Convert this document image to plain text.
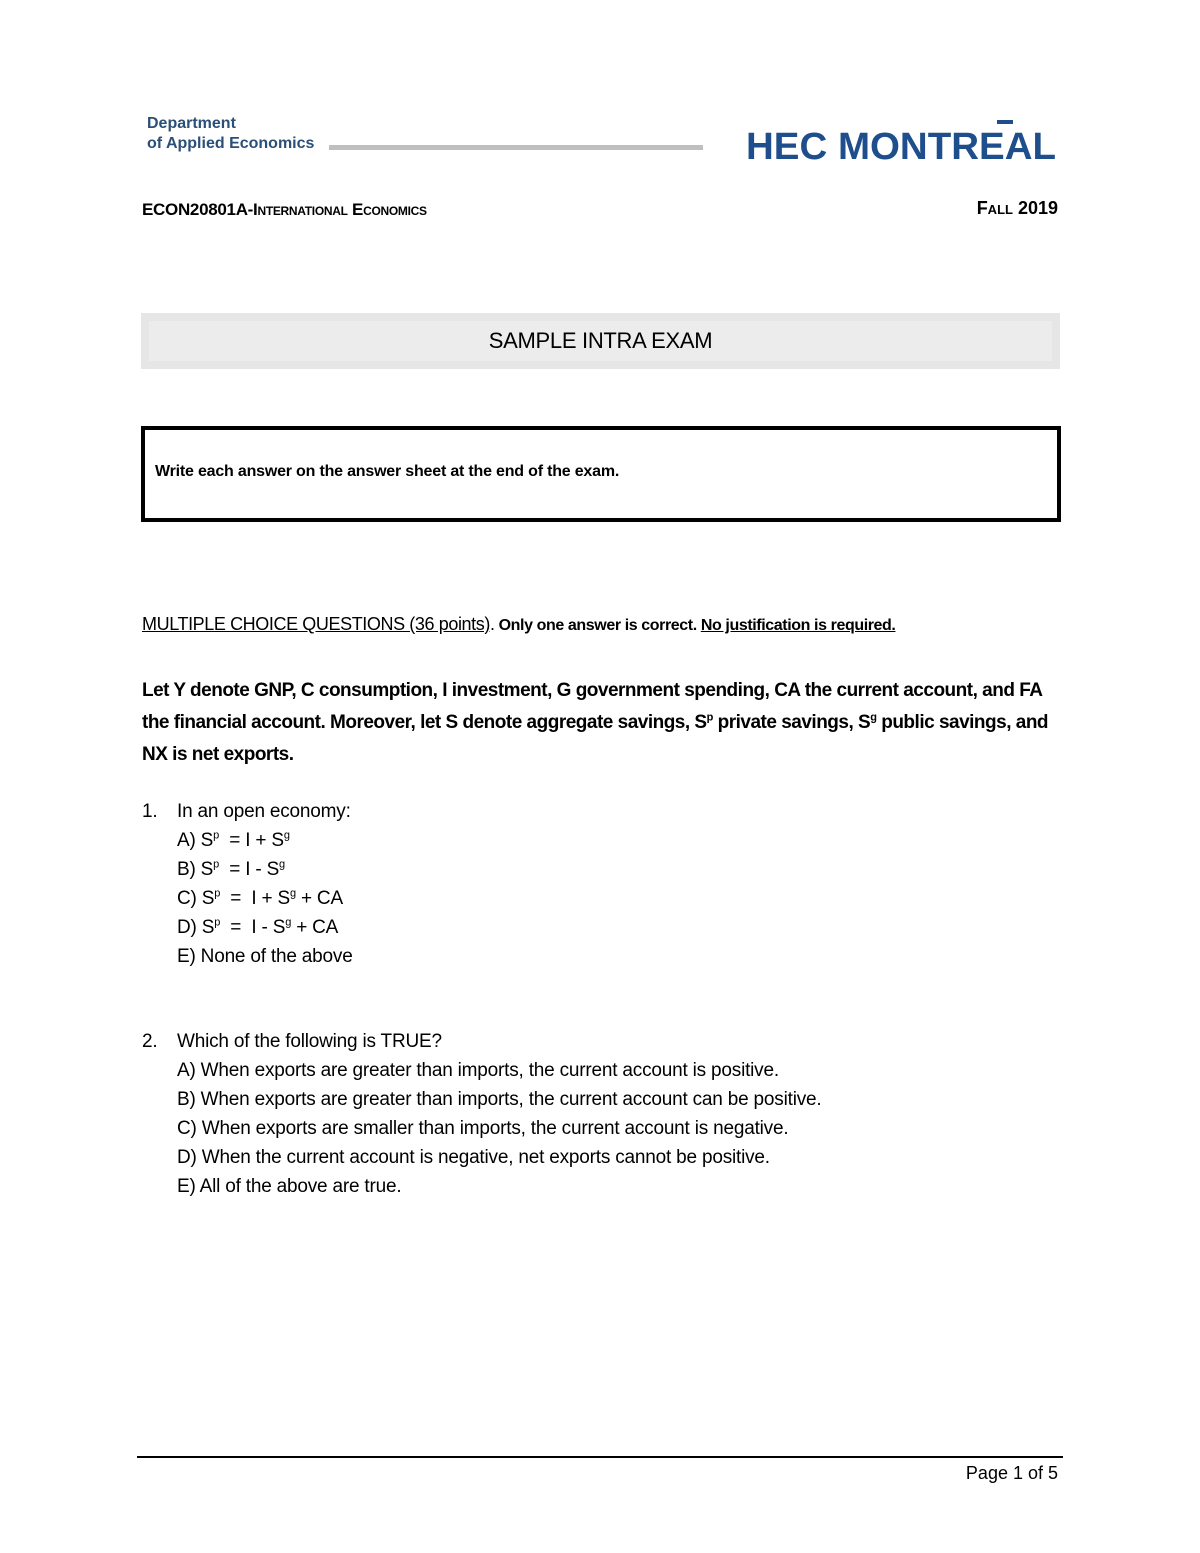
Department
of Applied Economics	HEC MONTREAL
ECON20801A-International Economics	Fall 2019
SAMPLE INTRA EXAM
Write each answer on the answer sheet at the end of the exam.
MULTIPLE CHOICE QUESTIONS (36 points). Only one answer is correct. No justification is required.
Let Y denote GNP, C consumption, I investment, G government spending, CA the current account, and FA the financial account. Moreover, let S denote aggregate savings, $S^p$ private savings, $S^g$ public savings, and NX is net exports.
1. In an open economy:
A) $S^p = I + S^g$
B) $S^p = I - S^g$
C) $S^p = I + S^g$ + CA
D) $S^p = I - S^g$ + CA
E) None of the above
2. Which of the following is TRUE?
A) When exports are greater than imports, the current account is positive.
B) When exports are greater than imports, the current account can be positive.
C) When exports are smaller than imports, the current account is negative.
D) When the current account is negative, net exports cannot be positive.
E) All of the above are true.
Page 1 of 5
